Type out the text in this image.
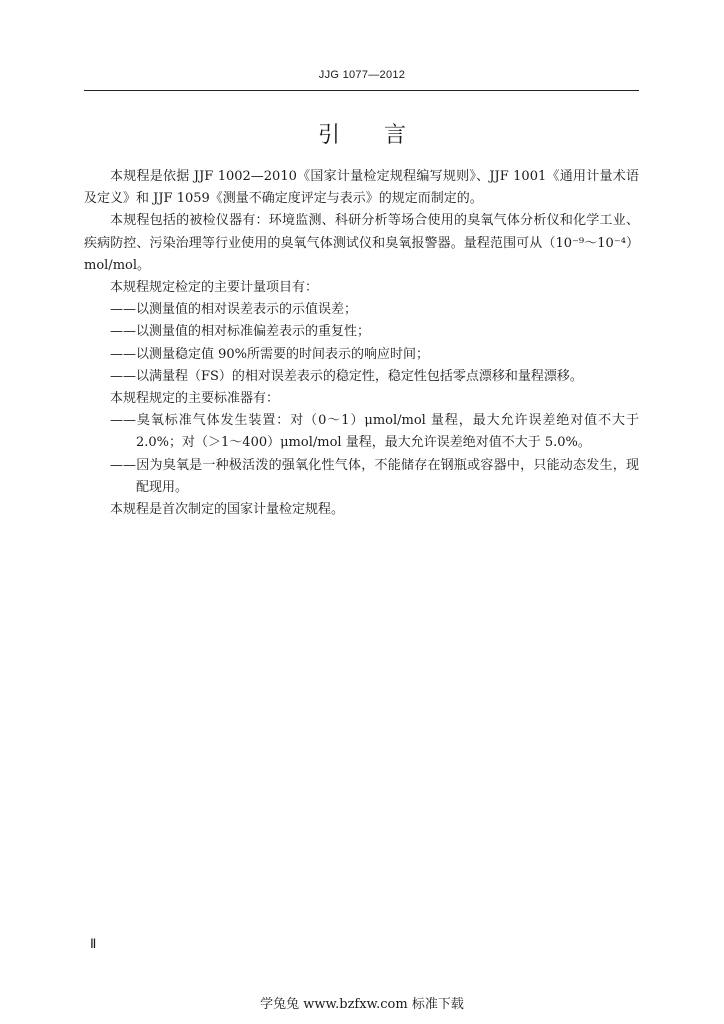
JJG 1077—2012
引言

本规程是依据 JJF 1002—2010《国家计量检定规程编写规则》、JJF 1001《通用计量术语及定义》和 JJF 1059《测量不确定度评定与表示》的规定而制定的。

本规程包括的被检仪器有：环境监测、科研分析等场合使用的臭氧气体分析仪和化学工业、疾病防控、污染治理等行业使用的臭氧气体测试仪和臭氧报警器。量程范围可从（10⁻⁹～10⁻⁴）mol/mol。

本规程规定检定的主要计量项目有：

——以测量值的相对误差表示的示值误差；

——以测量值的相对标准偏差表示的重复性；

——以测量稳定值 90%所需要的时间表示的响应时间；

——以满量程（FS）的相对误差表示的稳定性，稳定性包括零点漂移和量程漂移。

本规程规定的主要标准器有：

——臭氧标准气体发生装置：对（0～1）μmol/mol 量程，最大允许误差绝对值不大于 2.0%；对（＞1～400）μmol/mol 量程，最大允许误差绝对值不大于 5.0%。

——因为臭氧是一种极活泼的强氧化性气体，不能储存在钢瓶或容器中，只能动态发生，现配现用。

本规程是首次制定的国家计量检定规程。

Ⅱ
学兔兔 www.bzfxw.com 标准下载
